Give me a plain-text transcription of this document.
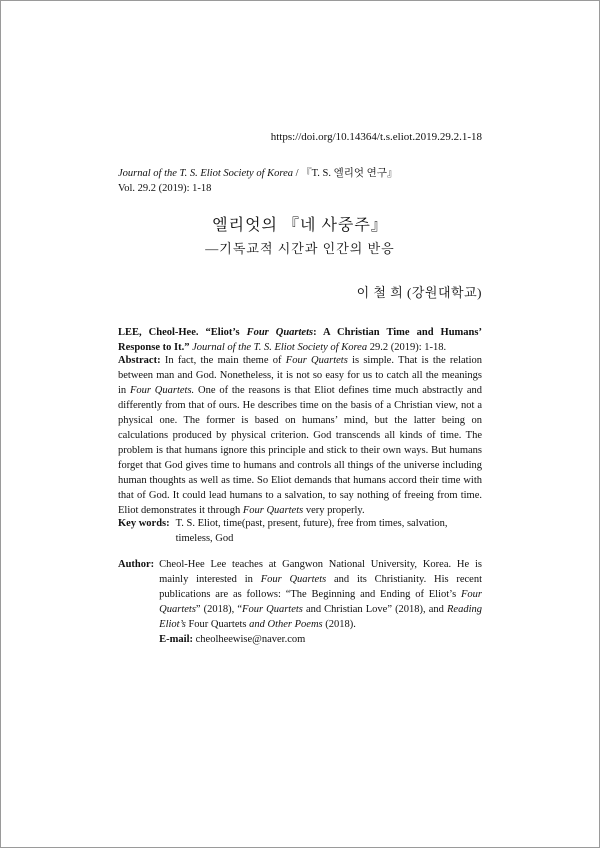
https://doi.org/10.14364/t.s.eliot.2019.29.2.1-18
Journal of the T. S. Eliot Society of Korea / 『T. S. 엘리엇 연구』
Vol. 29.2 (2019): 1-18
엘리엇의 『네 사중주』
—기독교적 시간과 인간의 반응
이 철 희 (강원대학교)
LEE, Cheol-Hee. “Eliot’s Four Quartets: A Christian Time and Humans’ Response to It.” Journal of the T. S. Eliot Society of Korea 29.2 (2019): 1-18.
Abstract: In fact, the main theme of Four Quartets is simple. That is the relation between man and God. Nonetheless, it is not so easy for us to catch all the meanings in Four Quartets. One of the reasons is that Eliot defines time much abstractly and differently from that of ours. He describes time on the basis of a Christian view, not a physical one. The former is based on humans’ mind, but the latter being on calculations produced by physical criterion. God transcends all kinds of time. The problem is that humans ignore this principle and stick to their own ways. But humans forget that God gives time to humans and controls all things of the universe including human thoughts as well as time. So Eliot demands that humans accord their time with that of God. It could lead humans to a salvation, to say nothing of freeing from time. Eliot demonstrates it through Four Quartets very properly.
Key words: T. S. Eliot, time(past, present, future), free from times, salvation, timeless, God
Author: Cheol-Hee Lee teaches at Gangwon National University, Korea. He is mainly interested in Four Quartets and its Christianity. His recent publications are as follows: “The Beginning and Ending of Eliot’s Four Quartets” (2018), “Four Quartets and Christian Love” (2018), and Reading Eliot’s Four Quartets and Other Poems (2018).
E-mail: cheolheewise@naver.com
